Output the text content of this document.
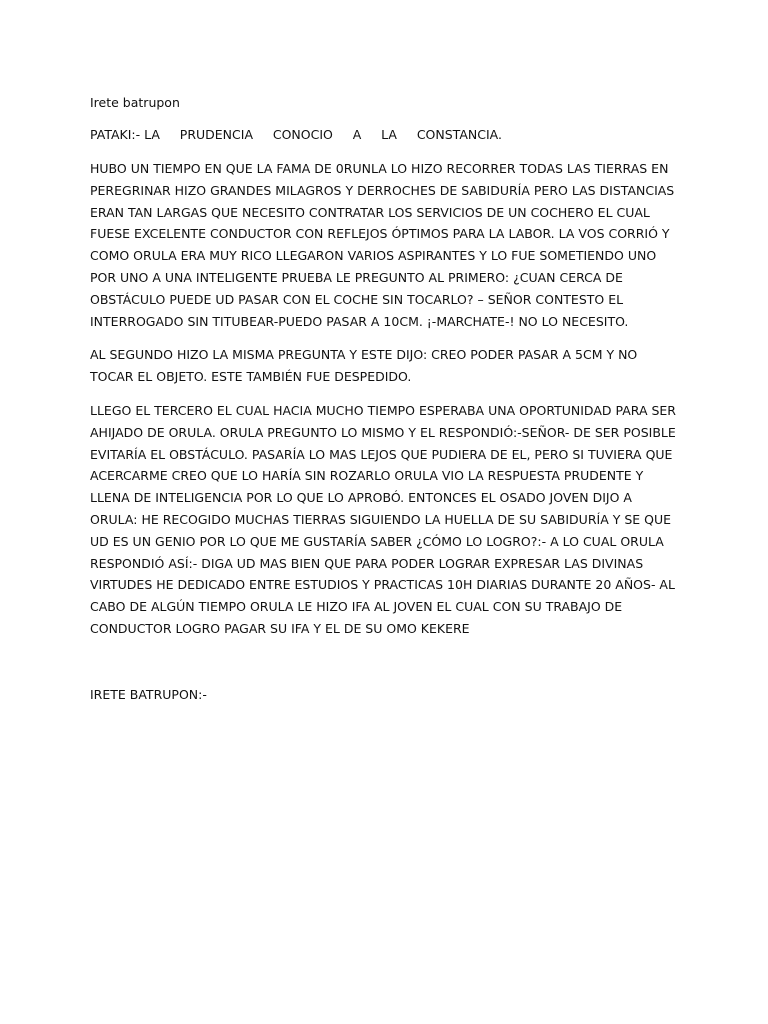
Irete batrupon

PATAKI:- LA     PRUDENCIA     CONOCIO     A     LA     CONSTANCIA.

HUBO UN TIEMPO EN QUE LA FAMA DE 0RUNLA LO HIZO RECORRER TODAS LAS TIERRAS EN PEREGRINAR HIZO GRANDES MILAGROS Y DERROCHES DE SABIDURÍA PERO LAS DISTANCIAS ERAN TAN LARGAS QUE NECESITO CONTRATAR LOS SERVICIOS DE UN COCHERO EL CUAL FUESE EXCELENTE CONDUCTOR CON REFLEJOS ÓPTIMOS PARA LA LABOR. LA VOS CORRIÓ Y COMO ORULA ERA MUY RICO LLEGARON VARIOS ASPIRANTES Y LO FUE SOMETIENDO UNO POR UNO A UNA INTELIGENTE PRUEBA LE PREGUNTO AL PRIMERO: ¿CUAN CERCA DE OBSTÁCULO PUEDE UD PASAR CON EL COCHE SIN TOCARLO? – SEÑOR CONTESTO EL INTERROGADO SIN TITUBEAR-PUEDO PASAR A 10CM. ¡-MARCHATE-! NO LO NECESITO.

AL SEGUNDO HIZO LA MISMA PREGUNTA Y ESTE DIJO: CREO PODER PASAR A 5CM Y NO TOCAR EL OBJETO. ESTE TAMBIÉN FUE DESPEDIDO.

LLEGO EL TERCERO EL CUAL HACIA MUCHO TIEMPO ESPERABA UNA OPORTUNIDAD PARA SER AHIJADO DE ORULA. ORULA PREGUNTO LO MISMO Y EL RESPONDIÓ:-SEÑOR- DE SER POSIBLE EVITARÍA EL OBSTÁCULO. PASARÍA LO MAS LEJOS QUE PUDIERA DE EL, PERO SI TUVIERA QUE ACERCARME CREO QUE LO HARÍA SIN ROZARLO ORULA VIO LA RESPUESTA PRUDENTE Y LLENA DE INTELIGENCIA POR LO QUE LO APROBÓ. ENTONCES EL OSADO JOVEN DIJO A ORULA: HE RECOGIDO MUCHAS TIERRAS SIGUIENDO LA HUELLA DE SU SABIDURÍA Y SE QUE UD ES UN GENIO POR LO QUE ME GUSTARÍA SABER ¿CÓMO LO LOGRO?:- A LO CUAL ORULA RESPONDIÓ ASÍ:- DIGA UD MAS BIEN QUE PARA PODER LOGRAR EXPRESAR LAS DIVINAS VIRTUDES HE DEDICADO ENTRE ESTUDIOS Y PRACTICAS 10H DIARIAS DURANTE 20 AÑOS- AL CABO DE ALGÚN TIEMPO ORULA LE HIZO IFA AL JOVEN EL CUAL CON SU TRABAJO DE CONDUCTOR LOGRO PAGAR SU IFA Y EL DE SU OMO KEKERE

IRETE BATRUPON:-
